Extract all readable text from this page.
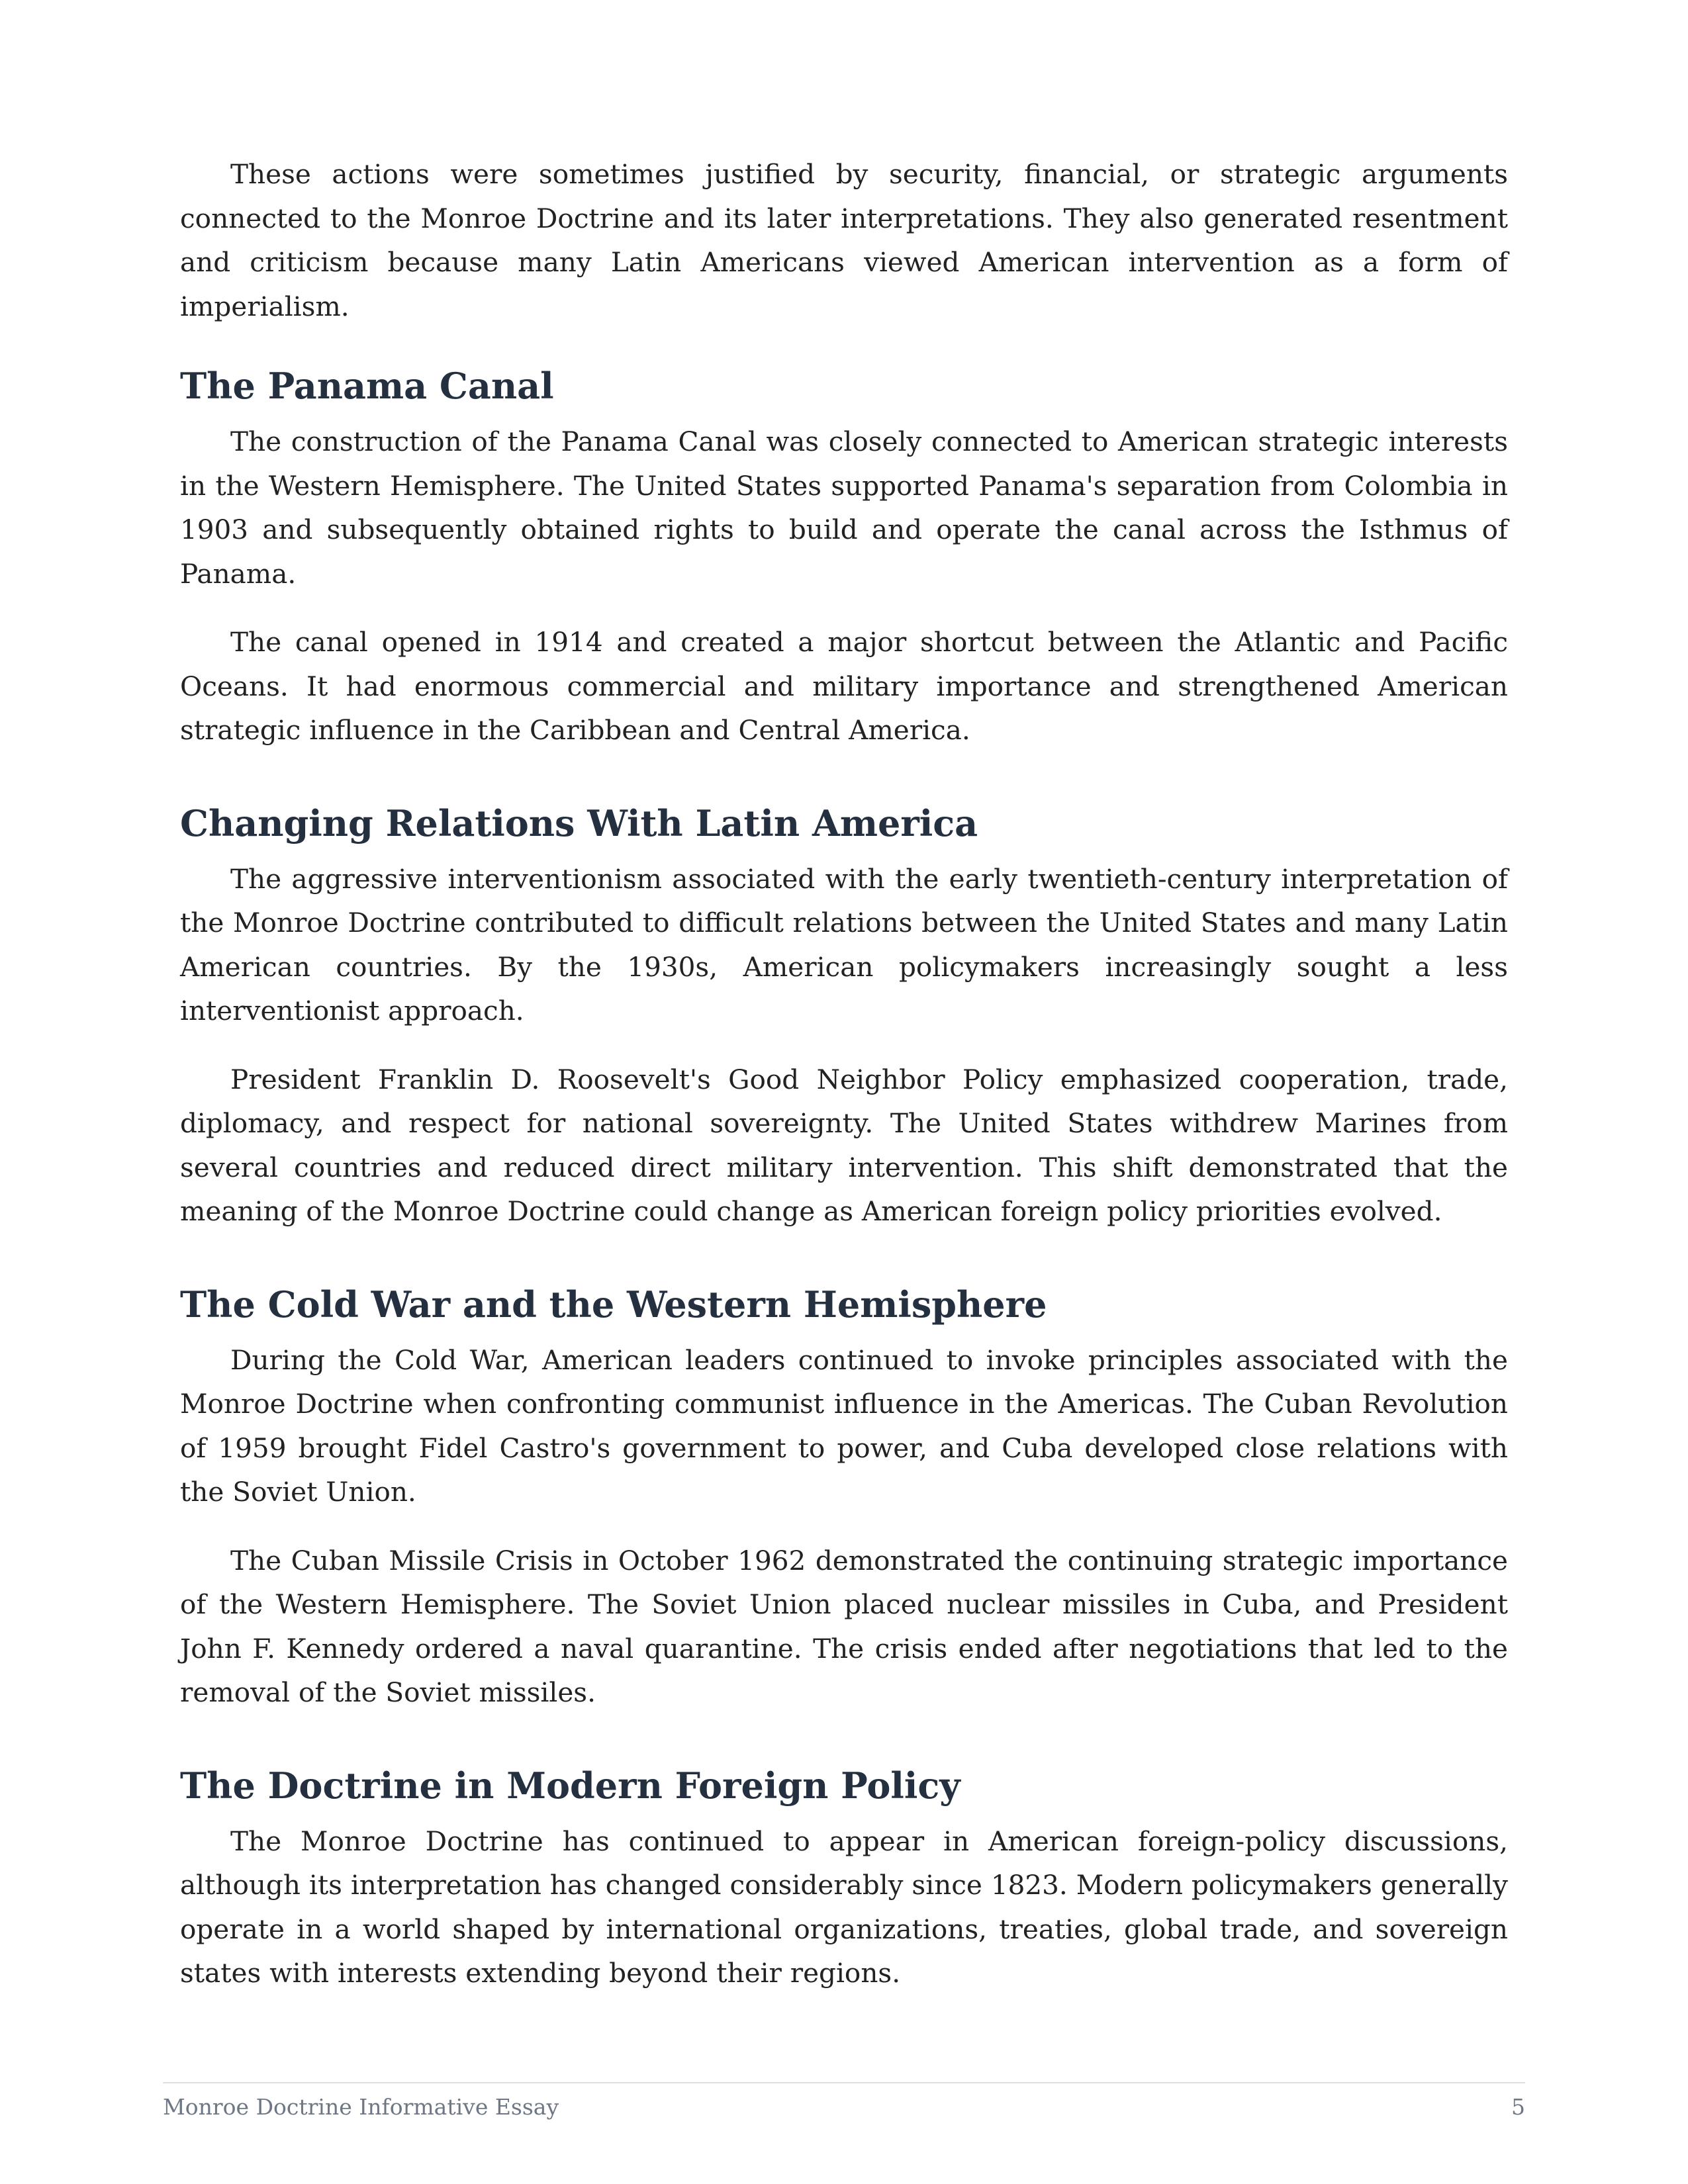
These actions were sometimes justified by security, financial, or strategic arguments connected to the Monroe Doctrine and its later interpretations. They also generated resentment and criticism because many Latin Americans viewed American intervention as a form of imperialism.

The Panama Canal

The construction of the Panama Canal was closely connected to American strategic interests in the Western Hemisphere. The United States supported Panama's separation from Colombia in 1903 and subsequently obtained rights to build and operate the canal across the Isthmus of Panama.

The canal opened in 1914 and created a major shortcut between the Atlantic and Pacific Oceans. It had enormous commercial and military importance and strengthened American strategic influence in the Caribbean and Central America.

Changing Relations With Latin America

The aggressive interventionism associated with the early twentieth-century interpretation of the Monroe Doctrine contributed to difficult relations between the United States and many Latin American countries. By the 1930s, American policymakers increasingly sought a less interventionist approach.

President Franklin D. Roosevelt's Good Neighbor Policy emphasized cooperation, trade, diplomacy, and respect for national sovereignty. The United States withdrew Marines from several countries and reduced direct military intervention. This shift demonstrated that the meaning of the Monroe Doctrine could change as American foreign policy priorities evolved.

The Cold War and the Western Hemisphere

During the Cold War, American leaders continued to invoke principles associated with the Monroe Doctrine when confronting communist influence in the Americas. The Cuban Revolution of 1959 brought Fidel Castro's government to power, and Cuba developed close relations with the Soviet Union.

The Cuban Missile Crisis in October 1962 demonstrated the continuing strategic importance of the Western Hemisphere. The Soviet Union placed nuclear missiles in Cuba, and President John F. Kennedy ordered a naval quarantine. The crisis ended after negotiations that led to the removal of the Soviet missiles.

The Doctrine in Modern Foreign Policy

The Monroe Doctrine has continued to appear in American foreign-policy discussions, although its interpretation has changed considerably since 1823. Modern policymakers generally operate in a world shaped by international organizations, treaties, global trade, and sovereign states with interests extending beyond their regions.

Monroe Doctrine Informative Essay	5
